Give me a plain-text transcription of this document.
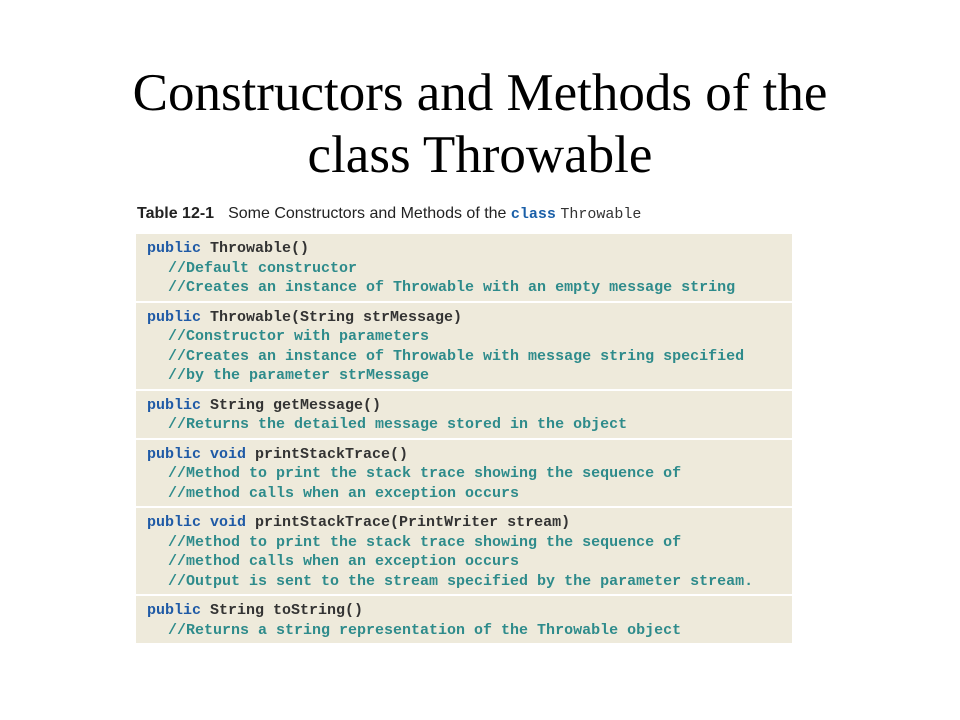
Constructors and Methods of the
class Throwable
Table 12-1 Some Constructors and Methods of the class Throwable
public Throwable()
//Default constructor
//Creates an instance of Throwable with an empty message string
public Throwable(String strMessage)
//Constructor with parameters
//Creates an instance of Throwable with message string specified
//by the parameter strMessage
public String getMessage()
//Returns the detailed message stored in the object
public void printStackTrace()
//Method to print the stack trace showing the sequence of
//method calls when an exception occurs
public void printStackTrace(PrintWriter stream)
//Method to print the stack trace showing the sequence of
//method calls when an exception occurs
//Output is sent to the stream specified by the parameter stream.
public String toString()
//Returns a string representation of the Throwable object
